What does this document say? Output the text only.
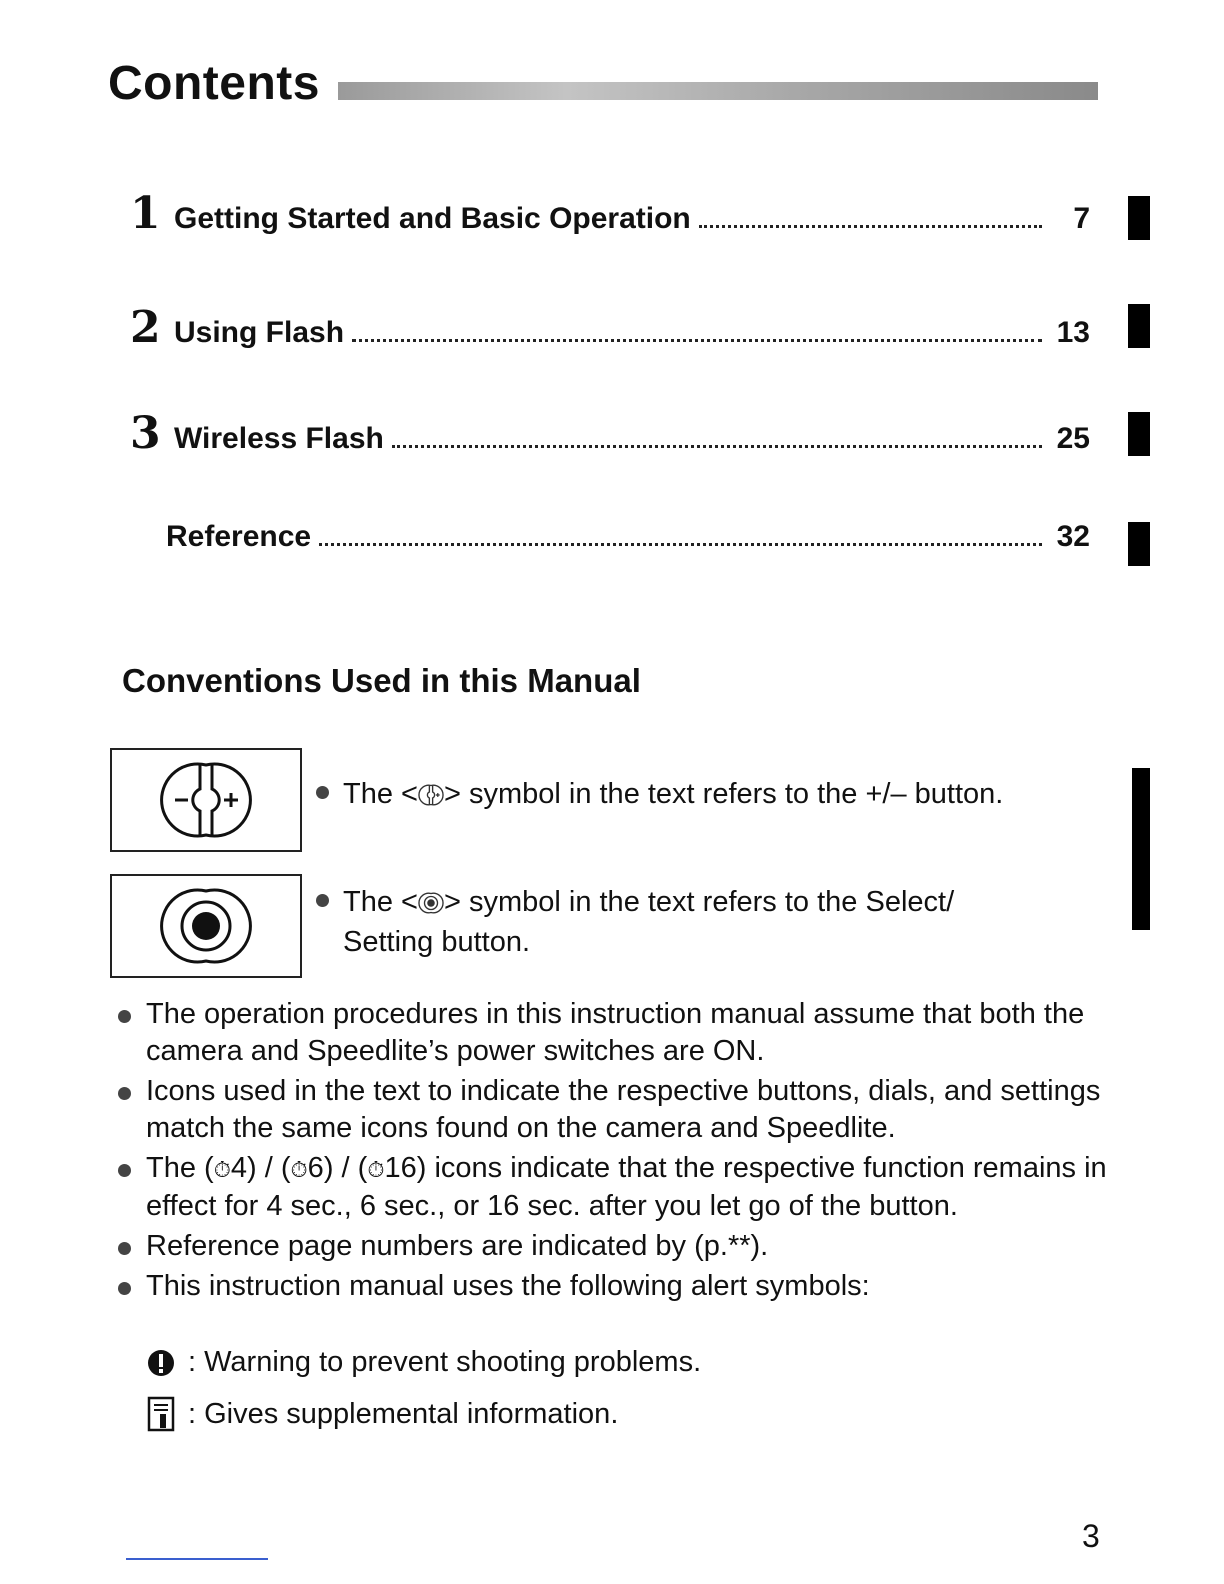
Contents
1 Getting Started and Basic Operation	7
2 Using Flash	13
3 Wireless Flash	25
Reference	32
Conventions Used in this Manual
The < > symbol in the text refers to the +/– button.
The < > symbol in the text refers to the Select/
Setting button.
The operation procedures in this instruction manual assume that both the camera and Speedlite’s power switches are ON.
Icons used in the text to indicate the respective buttons, dials, and settings match the same icons found on the camera and Speedlite.
The (⏱4) / (⏱6) / (⏱16) icons indicate that the respective function remains in effect for 4 sec., 6 sec., or 16 sec. after you let go of the button.
Reference page numbers are indicated by (p.**).
This instruction manual uses the following alert symbols:
: Warning to prevent shooting problems.
: Gives supplemental information.
3
